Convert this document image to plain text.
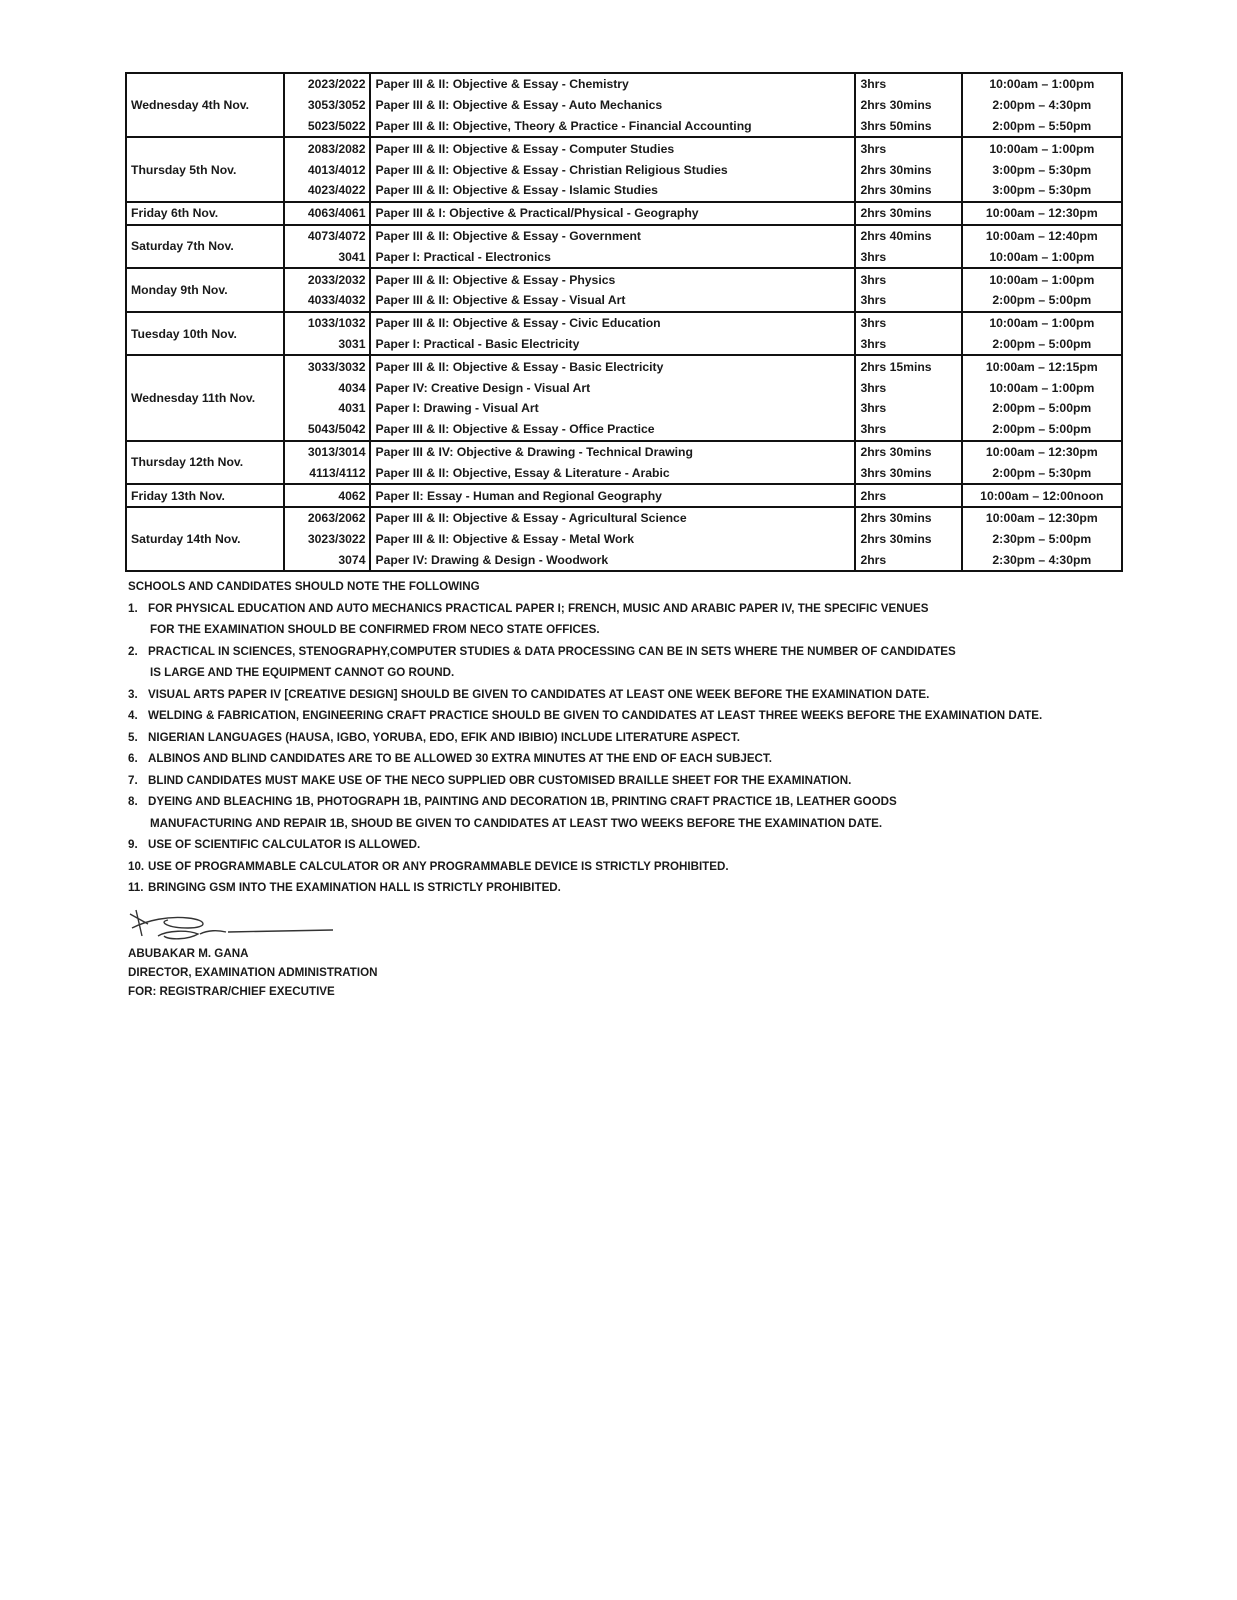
Wednesday 4th Nov.	2023/2022	Paper III & II: Objective & Essay - Chemistry	3hrs	10:00am – 1:00pm
	3053/3052	Paper III & II: Objective & Essay - Auto Mechanics	2hrs 30mins	2:00pm – 4:30pm
	5023/5022	Paper III & II: Objective, Theory & Practice - Financial Accounting	3hrs 50mins	2:00pm – 5:50pm
Thursday 5th Nov.	2083/2082	Paper III & II: Objective & Essay - Computer Studies	3hrs	10:00am – 1:00pm
	4013/4012	Paper III & II: Objective & Essay - Christian Religious Studies	2hrs 30mins	3:00pm – 5:30pm
	4023/4022	Paper III & II: Objective & Essay - Islamic Studies	2hrs 30mins	3:00pm – 5:30pm
Friday 6th Nov.	4063/4061	Paper III & I: Objective & Practical/Physical - Geography	2hrs 30mins	10:00am – 12:30pm
Saturday 7th Nov.	4073/4072	Paper III & II: Objective & Essay - Government	2hrs 40mins	10:00am – 12:40pm
	3041	Paper I: Practical - Electronics	3hrs	10:00am – 1:00pm
Monday 9th Nov.	2033/2032	Paper III & II: Objective & Essay - Physics	3hrs	10:00am – 1:00pm
	4033/4032	Paper III & II: Objective & Essay - Visual Art	3hrs	2:00pm – 5:00pm
Tuesday 10th Nov.	1033/1032	Paper III & II: Objective & Essay - Civic Education	3hrs	10:00am – 1:00pm
	3031	Paper I: Practical - Basic Electricity	3hrs	2:00pm – 5:00pm
Wednesday 11th Nov.	3033/3032	Paper III & II: Objective & Essay - Basic Electricity	2hrs 15mins	10:00am – 12:15pm
	4034	Paper IV: Creative Design - Visual Art	3hrs	10:00am – 1:00pm
	4031	Paper I: Drawing - Visual Art	3hrs	2:00pm – 5:00pm
	5043/5042	Paper III & II: Objective & Essay - Office Practice	3hrs	2:00pm – 5:00pm
Thursday 12th Nov.	3013/3014	Paper III & IV: Objective & Drawing - Technical Drawing	2hrs 30mins	10:00am – 12:30pm
	4113/4112	Paper III & II: Objective, Essay & Literature - Arabic	3hrs 30mins	2:00pm – 5:30pm
Friday 13th Nov.	4062	Paper II: Essay - Human and Regional Geography	2hrs	10:00am – 12:00noon
Saturday 14th Nov.	2063/2062	Paper III & II: Objective & Essay - Agricultural Science	2hrs 30mins	10:00am – 12:30pm
	3023/3022	Paper III & II: Objective & Essay - Metal Work	2hrs 30mins	2:30pm – 5:00pm
	3074	Paper IV: Drawing & Design - Woodwork	2hrs	2:30pm – 4:30pm
SCHOOLS AND CANDIDATES SHOULD NOTE THE FOLLOWING
1. FOR PHYSICAL EDUCATION AND AUTO MECHANICS PRACTICAL PAPER I; FRENCH, MUSIC AND ARABIC PAPER IV, THE SPECIFIC VENUES
FOR THE EXAMINATION SHOULD BE CONFIRMED FROM NECO STATE OFFICES.
2. PRACTICAL IN SCIENCES, STENOGRAPHY,COMPUTER STUDIES & DATA PROCESSING CAN BE IN SETS WHERE THE NUMBER OF CANDIDATES
IS LARGE AND THE EQUIPMENT CANNOT GO ROUND.
3. VISUAL ARTS PAPER IV [CREATIVE DESIGN] SHOULD BE GIVEN TO CANDIDATES AT LEAST ONE WEEK BEFORE THE EXAMINATION DATE.
4. WELDING & FABRICATION, ENGINEERING CRAFT PRACTICE SHOULD BE GIVEN TO CANDIDATES AT LEAST THREE WEEKS BEFORE THE EXAMINATION DATE.
5. NIGERIAN LANGUAGES (HAUSA, IGBO, YORUBA, EDO, EFIK AND IBIBIO) INCLUDE LITERATURE ASPECT.
6. ALBINOS AND BLIND CANDIDATES ARE TO BE ALLOWED 30 EXTRA MINUTES AT THE END OF EACH SUBJECT.
7. BLIND CANDIDATES MUST MAKE USE OF THE NECO SUPPLIED OBR CUSTOMISED BRAILLE SHEET FOR THE EXAMINATION.
8. DYEING AND BLEACHING 1B, PHOTOGRAPH 1B, PAINTING AND DECORATION 1B, PRINTING CRAFT PRACTICE 1B, LEATHER GOODS
MANUFACTURING AND REPAIR 1B, SHOUD BE GIVEN TO CANDIDATES AT LEAST TWO WEEKS BEFORE THE EXAMINATION DATE.
9. USE OF SCIENTIFIC CALCULATOR IS ALLOWED.
10. USE OF PROGRAMMABLE CALCULATOR OR ANY PROGRAMMABLE DEVICE IS STRICTLY PROHIBITED.
11. BRINGING GSM INTO THE EXAMINATION HALL IS STRICTLY PROHIBITED.
ABUBAKAR M. GANA
DIRECTOR, EXAMINATION ADMINISTRATION
FOR: REGISTRAR/CHIEF EXECUTIVE
